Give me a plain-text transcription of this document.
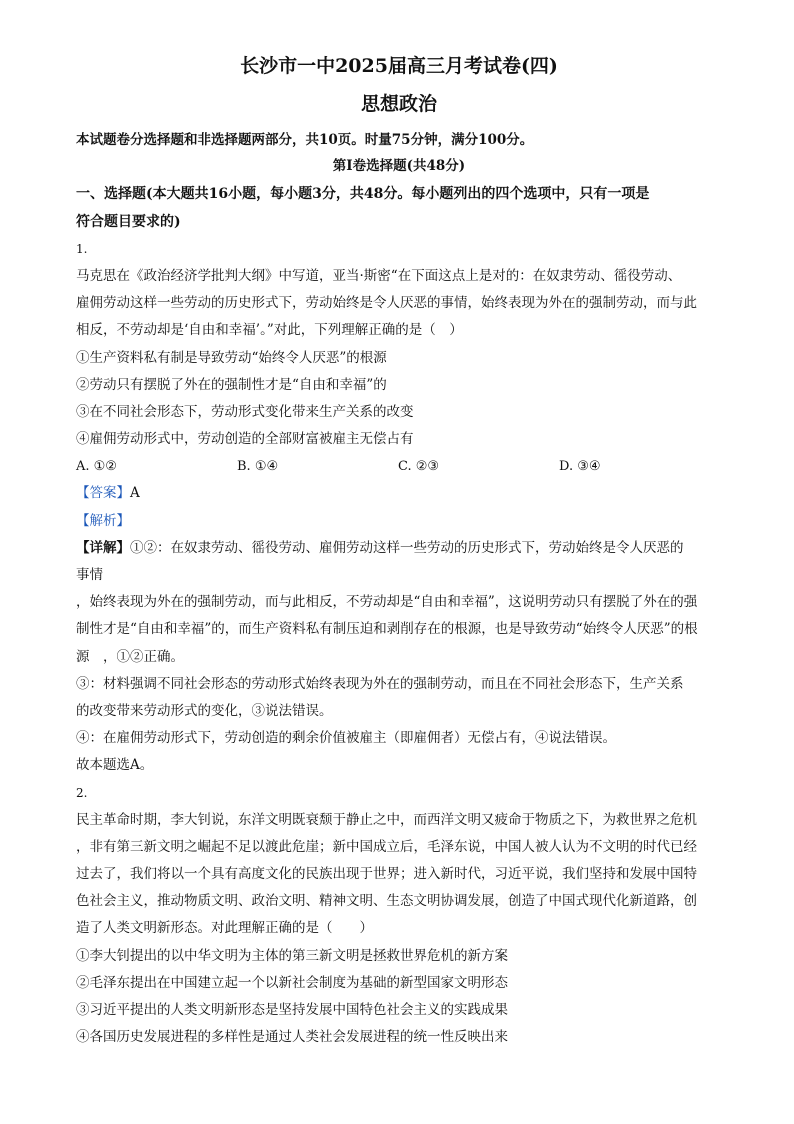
长沙市一中2025届高三月考试卷(四)
思想政治
本试题卷分选择题和非选择题两部分，共10页。时量75分钟，满分100分。
第Ⅰ卷选择题(共48分)
一、选择题(本大题共16小题，每小题3分，共48分。每小题列出的四个选项中，只有一项是
符合题目要求的)
1.
马克思在《政治经济学批判大纲》中写道，亚当·斯密“在下面这点上是对的：在奴隶劳动、徭役劳动、
雇佣劳动这样一些劳动的历史形式下，劳动始终是令人厌恶的事情，始终表现为外在的强制劳动，而与此
相反，不劳动却是‘自由和幸福’。”对此，下列理解正确的是（　）
①生产资料私有制是导致劳动“始终令人厌恶”的根源
②劳动只有摆脱了外在的强制性才是“自由和幸福”的
③在不同社会形态下，劳动形式变化带来生产关系的改变
④雇佣劳动形式中，劳动创造的全部财富被雇主无偿占有
A. ①②	B. ①④	C. ②③	D. ③④
【答案】A
【解析】
【详解】①②：在奴隶劳动、徭役劳动、雇佣劳动这样一些劳动的历史形式下，劳动始终是令人厌恶的
事情
，始终表现为外在的强制劳动，而与此相反，不劳动却是“自由和幸福”，这说明劳动只有摆脱了外在的强
制性才是“自由和幸福”的，而生产资料私有制压迫和剥削存在的根源，也是导致劳动“始终令人厌恶”的根
源　，①②正确。
③：材料强调不同社会形态的劳动形式始终表现为外在的强制劳动，而且在不同社会形态下，生产关系
的改变带来劳动形式的变化，③说法错误。
④：在雇佣劳动形式下，劳动创造的剩余价值被雇主（即雇佣者）无偿占有，④说法错误。
故本题选A。
2.
民主革命时期，李大钊说，东洋文明既衰颓于静止之中，而西洋文明又疲命于物质之下，为救世界之危机
，非有第三新文明之崛起不足以渡此危崖；新中国成立后，毛泽东说，中国人被人认为不文明的时代已经
过去了，我们将以一个具有高度文化的民族出现于世界；进入新时代，习近平说，我们坚持和发展中国特
色社会主义，推动物质文明、政治文明、精神文明、生态文明协调发展，创造了中国式现代化新道路，创
造了人类文明新形态。对此理解正确的是（　　）
①李大钊提出的以中华文明为主体的第三新文明是拯救世界危机的新方案
②毛泽东提出在中国建立起一个以新社会制度为基础的新型国家文明形态
③习近平提出的人类文明新形态是坚持发展中国特色社会主义的实践成果
④各国历史发展进程的多样性是通过人类社会发展进程的统一性反映出来
